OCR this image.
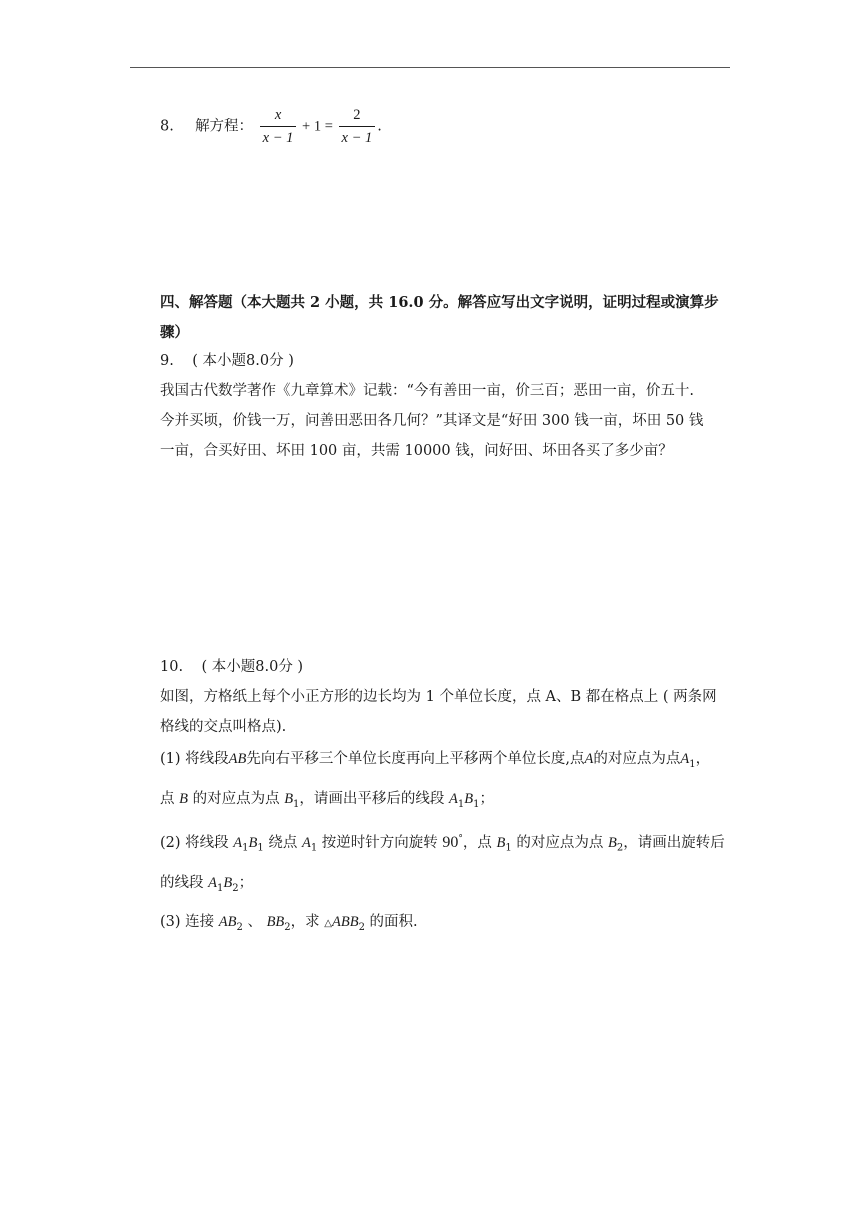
8. 解方程： $\frac{x}{x - 1} + 1 = \frac{2}{x - 1}$ .
四、解答题（本大题共 2 小题，共 16.0 分。解答应写出文字说明，证明过程或演算步
骤）
9.    ( 本小题8.0分 )
我国古代数学著作《九章算术》记载：“今有善田一亩，价三百；恶田一亩，价五十.
今并买顷，价钱一万，问善田恶田各几何？”其译文是“好田 300 钱一亩，坏田 50 钱
一亩，合买好田、坏田 100 亩，共需 10000 钱，问好田、坏田各买了多少亩？
10.    ( 本小题8.0分 )
如图，方格纸上每个小正方形的边长均为 1 个单位长度，点 A、B 都在格点上 ( 两条网
格线的交点叫格点).
(1) 将线段AB先向右平移三个单位长度再向上平移两个单位长度,点A的对应点为点$A_1$，
点 B 的对应点为点 $B_1$，请画出平移后的线段 $A_1B_1$；
(2) 将线段 $A_1B_1$ 绕点 $A_1$ 按逆时针方向旋转 90°，点 $B_1$ 的对应点为点 $B_2$，请画出旋转后
的线段 $A_1B_2$；
(3) 连接 $AB_2$ 、 $BB_2$，求 $\triangle ABB_2$ 的面积.
